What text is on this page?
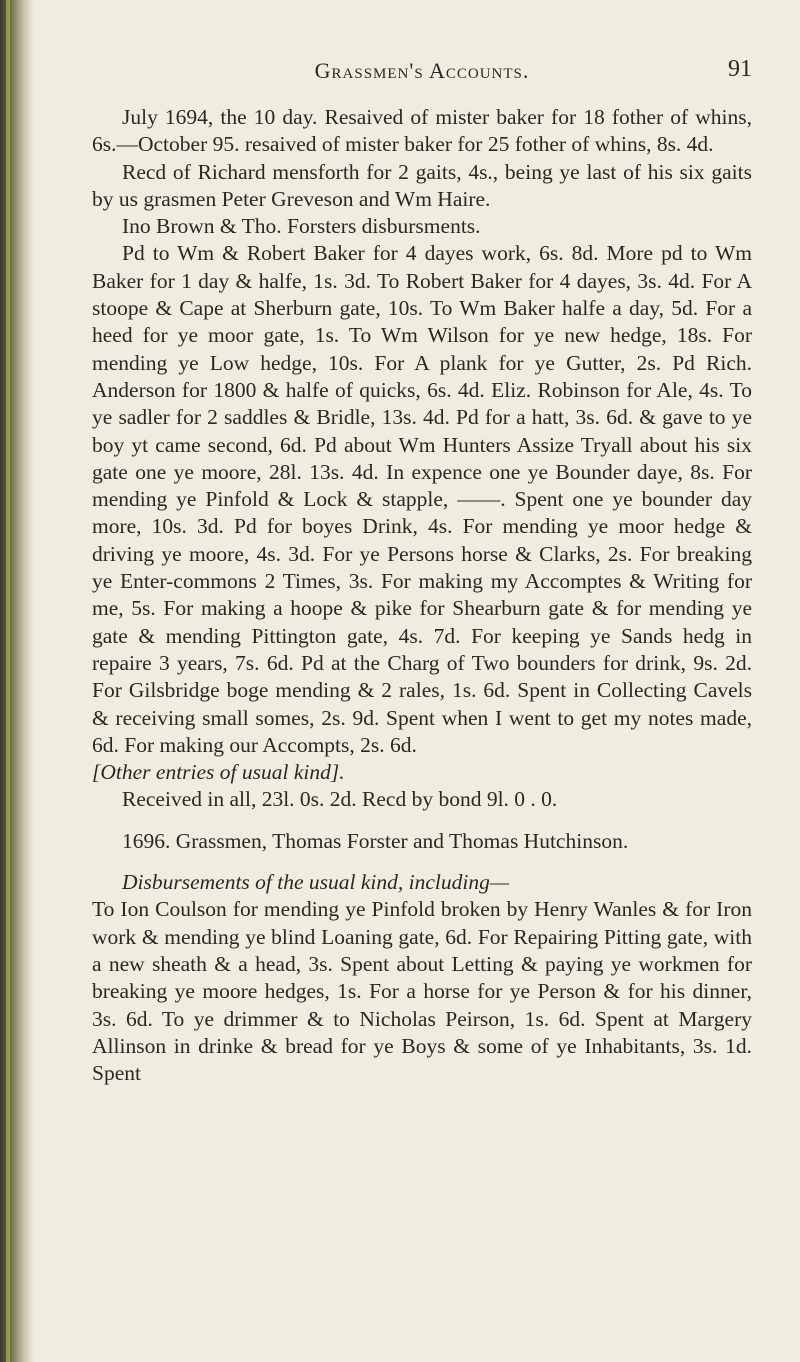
Grassmen's Accounts.	91

July 1694, the 10 day. Resaived of mister baker for 18 fother of whins, 6s.—October 95. resaived of mister baker for 25 fother of whins, 8s. 4d.

Recd of Richard mensforth for 2 gaits, 4s., being ye last of his six gaits by us grasmen Peter Greveson and Wm Haire.

Ino Brown & Tho. Forsters disbursments.

Pd to Wm & Robert Baker for 4 dayes work, 6s. 8d. More pd to Wm Baker for 1 day & halfe, 1s. 3d. To Robert Baker for 4 dayes, 3s. 4d. For A stoope & Cape at Sherburn gate, 10s. To Wm Baker halfe a day, 5d. For a heed for ye moor gate, 1s. To Wm Wilson for ye new hedge, 18s. For mending ye Low hedge, 10s. For A plank for ye Gutter, 2s. Pd Rich. Anderson for 1800 & halfe of quicks, 6s. 4d. Eliz. Robinson for Ale, 4s. To ye sadler for 2 saddles & Bridle, 13s. 4d. Pd for a hatt, 3s. 6d. & gave to ye boy yt came second, 6d. Pd about Wm Hunters Assize Tryall about his six gate one ye moore, 28l. 13s. 4d. In expence one ye Bounder daye, 8s. For mending ye Pinfold & Lock & stapple, ——. Spent one ye bounder day more, 10s. 3d. Pd for boyes Drink, 4s. For mending ye moor hedge & driving ye moore, 4s. 3d. For ye Persons horse & Clarks, 2s. For breaking ye Enter-commons 2 Times, 3s. For making my Accomptes & Writing for me, 5s. For making a hoope & pike for Shearburn gate & for mending ye gate & mending Pittington gate, 4s. 7d. For keeping ye Sands hedg in repaire 3 years, 7s. 6d. Pd at the Charg of Two bounders for drink, 9s. 2d. For Gilsbridge boge mending & 2 rales, 1s. 6d. Spent in Collecting Cavels & receiving small somes, 2s. 9d. Spent when I went to get my notes made, 6d. For making our Accompts, 2s. 6d.

[Other entries of usual kind].

Received in all, 23l. 0s. 2d. Recd by bond 9l. 0 . 0.

1696. Grassmen, Thomas Forster and Thomas Hutchinson.

Disbursements of the usual kind, including—

To Ion Coulson for mending ye Pinfold broken by Henry Wanles & for Iron work & mending ye blind Loaning gate, 6d. For Repairing Pitting gate, with a new sheath & a head, 3s. Spent about Letting & paying ye workmen for breaking ye moore hedges, 1s. For a horse for ye Person & for his dinner, 3s. 6d. To ye drimmer & to Nicholas Peirson, 1s. 6d. Spent at Margery Allinson in drinke & bread for ye Boys & some of ye Inhabitants, 3s. 1d. Spent
